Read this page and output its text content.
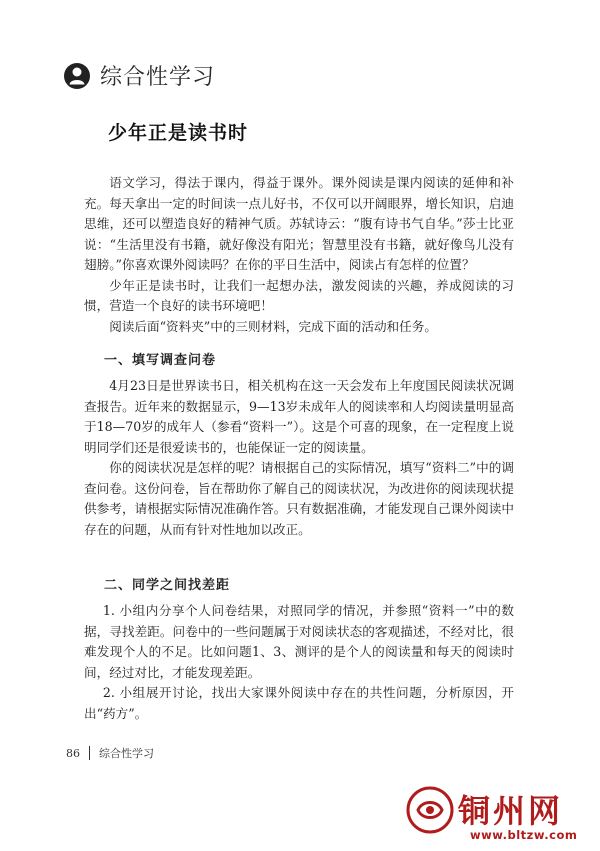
综合性学习
少年正是读书时

语文学习，得法于课内，得益于课外。课外阅读是课内阅读的延伸和补充。每天拿出一定的时间读一点儿好书，不仅可以开阔眼界，增长知识，启迪思维，还可以塑造良好的精神气质。苏轼诗云：“腹有诗书气自华。”莎士比亚说：“生活里没有书籍，就好像没有阳光；智慧里没有书籍，就好像鸟儿没有翅膀。”你喜欢课外阅读吗？在你的平日生活中，阅读占有怎样的位置？

少年正是读书时，让我们一起想办法，激发阅读的兴趣，养成阅读的习惯，营造一个良好的读书环境吧！

阅读后面“资料夹”中的三则材料，完成下面的活动和任务。

一、填写调查问卷

4月23日是世界读书日，相关机构在这一天会发布上年度国民阅读状况调查报告。近年来的数据显示，9—13岁未成年人的阅读率和人均阅读量明显高于18—70岁的成年人（参看“资料一”）。这是个可喜的现象，在一定程度上说明同学们还是很爱读书的，也能保证一定的阅读量。

你的阅读状况是怎样的呢？请根据自己的实际情况，填写“资料二”中的调查问卷。这份问卷，旨在帮助你了解自己的阅读状况，为改进你的阅读现状提供参考，请根据实际情况准确作答。只有数据准确，才能发现自己课外阅读中存在的问题，从而有针对性地加以改正。

二、同学之间找差距

1. 小组内分享个人问卷结果，对照同学的情况，并参照“资料一”中的数据，寻找差距。问卷中的一些问题属于对阅读状态的客观描述，不经对比，很难发现个人的不足。比如问题1、3、测评的是个人的阅读量和每天的阅读时间，经过对比，才能发现差距。

2. 小组展开讨论，找出大家课外阅读中存在的共性问题，分析原因，开出“药方”。

86 综合性学习
铜州网
www.bltzw.com
